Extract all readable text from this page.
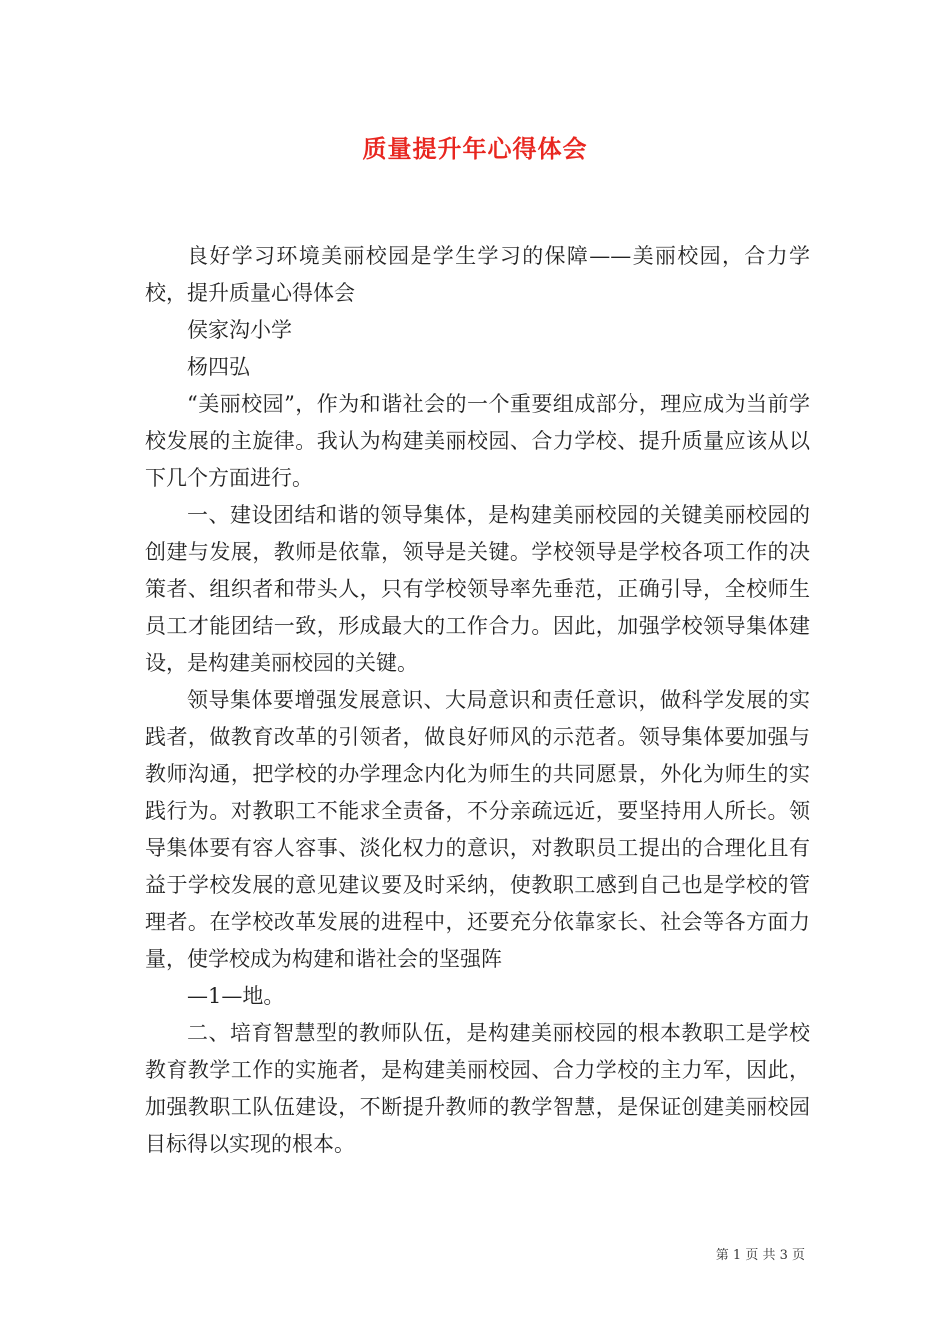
质量提升年心得体会

良好学习环境美丽校园是学生学习的保障——美丽校园，合力学校，提升质量心得体会

侯家沟小学

杨四弘

“美丽校园”，作为和谐社会的一个重要组成部分，理应成为当前学校发展的主旋律。我认为构建美丽校园、合力学校、提升质量应该从以下几个方面进行。

一、建设团结和谐的领导集体，是构建美丽校园的关键美丽校园的创建与发展，教师是依靠，领导是关键。学校领导是学校各项工作的决策者、组织者和带头人，只有学校领导率先垂范，正确引导，全校师生员工才能团结一致，形成最大的工作合力。因此，加强学校领导集体建设，是构建美丽校园的关键。

领导集体要增强发展意识、大局意识和责任意识，做科学发展的实践者，做教育改革的引领者，做良好师风的示范者。领导集体要加强与教师沟通，把学校的办学理念内化为师生的共同愿景，外化为师生的实践行为。对教职工不能求全责备，不分亲疏远近，要坚持用人所长。领导集体要有容人容事、淡化权力的意识，对教职员工提出的合理化且有益于学校发展的意见建议要及时采纳，使教职工感到自己也是学校的管理者。在学校改革发展的进程中，还要充分依靠家长、社会等各方面力量，使学校成为构建和谐社会的坚强阵

—1—地。

二、培育智慧型的教师队伍，是构建美丽校园的根本教职工是学校教育教学工作的实施者，是构建美丽校园、合力学校的主力军，因此，加强教职工队伍建设，不断提升教师的教学智慧，是保证创建美丽校园目标得以实现的根本。

第 1 页 共 3 页
